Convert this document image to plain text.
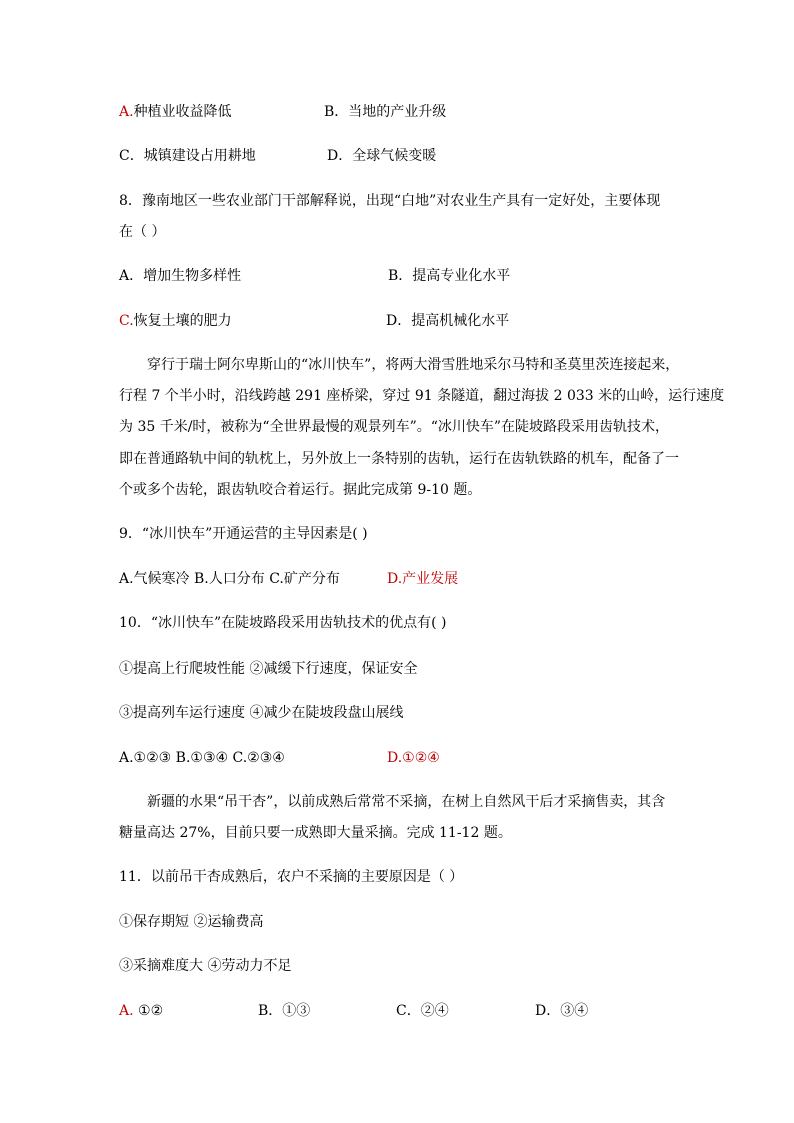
A.种植业收益降低	B．当地的产业升级
C．城镇建设占用耕地	D．全球气候变暖
8．豫南地区一些农业部门干部解释说，出现“白地”对农业生产具有一定好处，主要体现
在（ ）
A．增加生物多样性	B．提高专业化水平
C.恢复土壤的肥力	D．提高机械化水平
穿行于瑞士阿尔卑斯山的“冰川快车”，将两大滑雪胜地采尔马特和圣莫里茨连接起来，
行程 7 个半小时，沿线跨越 291 座桥梁，穿过 91 条隧道，翻过海拔 2 033 米的山岭，运行速度
为 35 千米/时，被称为“全世界最慢的观景列车”。“冰川快车”在陡坡路段采用齿轨技术，
即在普通路轨中间的轨枕上，另外放上一条特别的齿轨，运行在齿轨铁路的机车，配备了一
个或多个齿轮，跟齿轨咬合着运行。据此完成第 9-10 题。
9．“冰川快车”开通运营的主导因素是( )
A.气候寒冷 B.人口分布 C.矿产分布	D.产业发展
10．“冰川快车”在陡坡路段采用齿轨技术的优点有( )
①提高上行爬坡性能 ②减缓下行速度，保证安全
③提高列车运行速度 ④减少在陡坡段盘山展线
A.①②③ B.①③④ C.②③④	D.①②④
新疆的水果“吊干杏”，以前成熟后常常不采摘，在树上自然风干后才采摘售卖，其含
糖量高达 27%，目前只要一成熟即大量采摘。完成 11-12 题。
11．以前吊干杏成熟后，农户不采摘的主要原因是（ ）
①保存期短 ②运输费高
③采摘难度大 ④劳动力不足
A. ①②	B．①③	C．②④	D．③④
